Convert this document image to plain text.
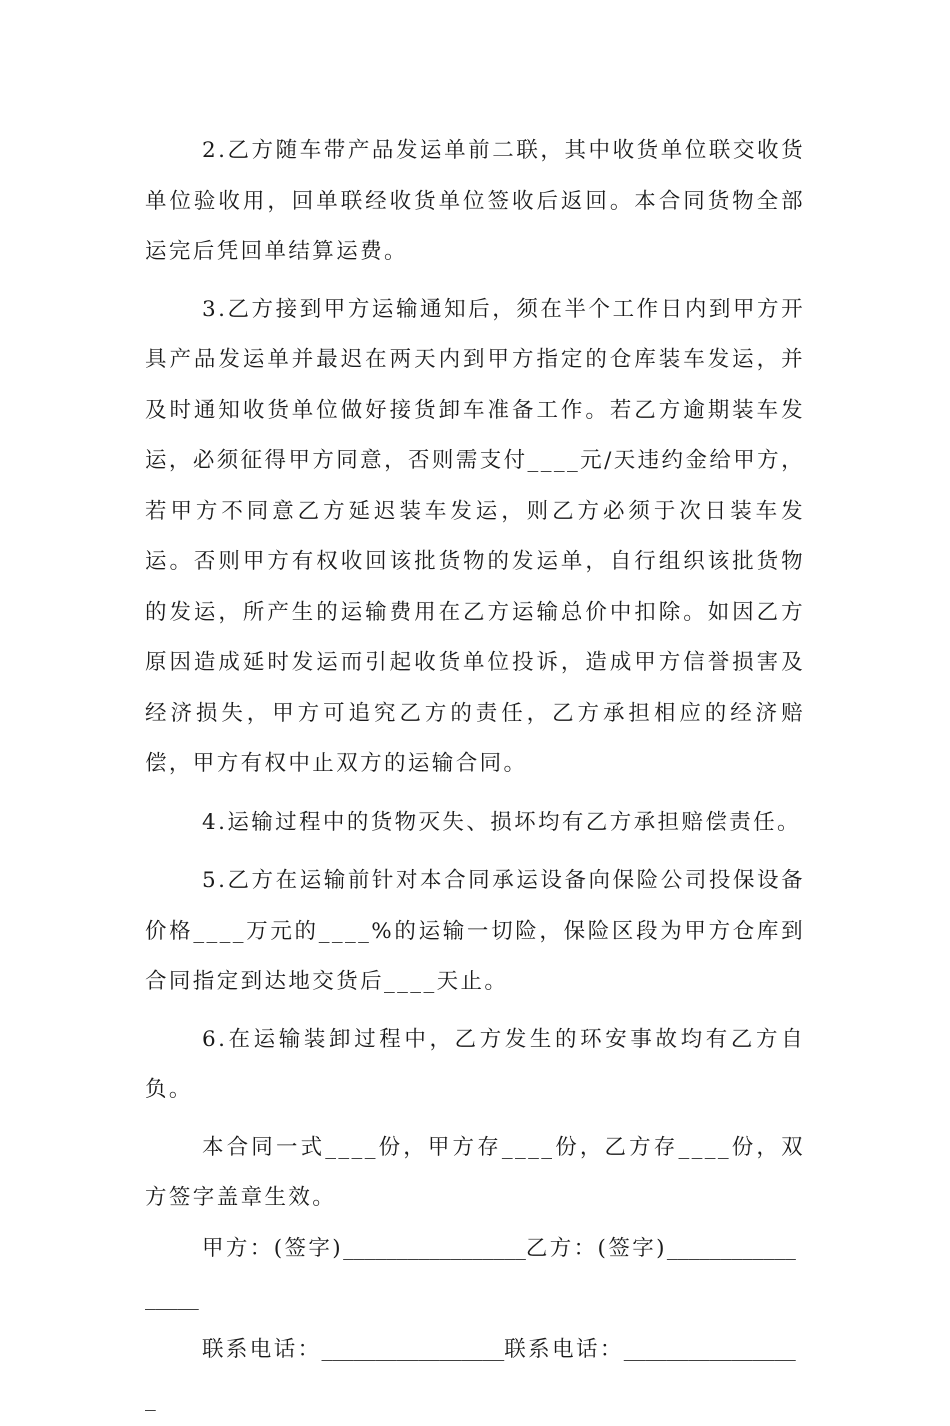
2.乙方随车带产品发运单前二联，其中收货单位联交收货单位验收用，回单联经收货单位签收后返回。本合同货物全部运完后凭回单结算运费。

3.乙方接到甲方运输通知后，须在半个工作日内到甲方开具产品发运单并最迟在两天内到甲方指定的仓库装车发运，并及时通知收货单位做好接货卸车准备工作。若乙方逾期装车发运，必须征得甲方同意，否则需支付____元/天违约金给甲方，若甲方不同意乙方延迟装车发运，则乙方必须于次日装车发运。否则甲方有权收回该批货物的发运单，自行组织该批货物的发运，所产生的运输费用在乙方运输总价中扣除。如因乙方原因造成延时发运而引起收货单位投诉，造成甲方信誉损害及经济损失，甲方可追究乙方的责任，乙方承担相应的经济赔偿，甲方有权中止双方的运输合同。

4.运输过程中的货物灭失、损坏均有乙方承担赔偿责任。

5.乙方在运输前针对本合同承运设备向保险公司投保设备价格____万元的____%的运输一切险，保险区段为甲方仓库到合同指定到达地交货后____天止。

6.在运输装卸过程中，乙方发生的环安事故均有乙方自负。

本合同一式____份，甲方存____份，乙方存____份，双方签字盖章生效。

甲方：(签字)_________________乙方：(签字)_________________

联系电话：_________________联系电话：_________________
